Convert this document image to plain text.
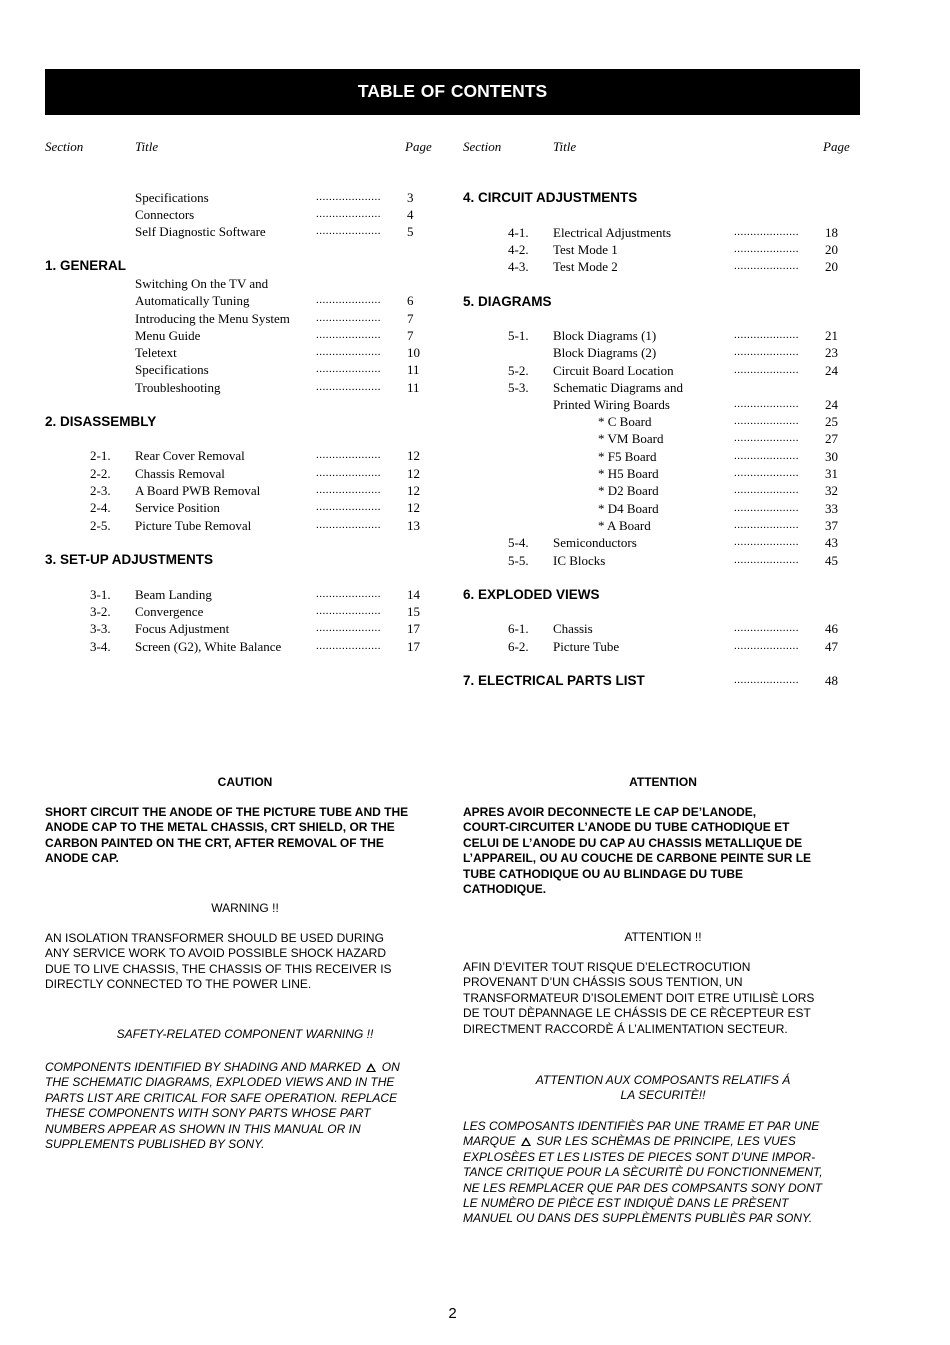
TABLE OF CONTENTS
Section	Title	Page
Specifications	....................	3
Connectors	....................	4
Self Diagnostic Software	....................	5
1. GENERAL
Switching On the TV and
Automatically Tuning	....................	6
Introducing the Menu System ....................	7
Menu Guide	....................	7
Teletext	....................	10
Specifications	....................	11
Troubleshooting	....................	11
2. DISASSEMBLY
2-1. Rear Cover Removal	....................	12
2-2. Chassis Removal	....................	12
2-3. A Board PWB Removal	....................	12
2-4. Service Position	....................	12
2-5. Picture Tube Removal	....................	13
3. SET-UP ADJUSTMENTS
3-1. Beam Landing	....................	14
3-2. Convergence	....................	15
3-3. Focus Adjustment	....................	17
3-4. Screen (G2), White Balance	....................	17
Section	Title	Page
4. CIRCUIT ADJUSTMENTS
4-1. Electrical Adjustments	....................	18
4-2. Test Mode 1	....................	20
4-3. Test Mode 2	....................	20
5. DIAGRAMS
5-1. Block Diagrams (1)	....................	21
Block Diagrams (2)	....................	23
5-2. Circuit Board Location	....................	24
5-3. Schematic Diagrams and
Printed Wiring Boards	....................	24
* C Board	....................	25
* VM Board	....................	27
* F5 Board	....................	30
* H5 Board	....................	31
* D2 Board	....................	32
* D4 Board	....................	33
* A Board	....................	37
5-4. Semiconductors	....................	43
5-5. IC Blocks	....................	45
6. EXPLODED VIEWS
6-1. Chassis	....................	46
6-2. Picture Tube	....................	47
7. ELECTRICAL PARTS LIST	....................	48
CAUTION
SHORT CIRCUIT THE ANODE OF THE PICTURE TUBE AND THE
ANODE CAP TO THE METAL CHASSIS, CRT SHIELD, OR THE
CARBON PAINTED ON THE CRT, AFTER REMOVAL OF THE
ANODE CAP.
WARNING !!
AN ISOLATION TRANSFORMER SHOULD BE USED DURING
ANY SERVICE WORK TO AVOID POSSIBLE SHOCK HAZARD
DUE TO LIVE CHASSIS, THE CHASSIS OF THIS RECEIVER IS
DIRECTLY CONNECTED TO THE POWER LINE.
SAFETY-RELATED COMPONENT WARNING !!
COMPONENTS IDENTIFIED BY SHADING AND MARKED ON
THE SCHEMATIC DIAGRAMS, EXPLODED VIEWS AND IN THE
PARTS LIST ARE CRITICAL FOR SAFE OPERATION. REPLACE
THESE COMPONENTS WITH SONY PARTS WHOSE PART
NUMBERS APPEAR AS SHOWN IN THIS MANUAL OR IN
SUPPLEMENTS PUBLISHED BY SONY.
ATTENTION
APRES AVOIR DECONNECTE LE CAP DE’LANODE,
COURT-CIRCUITER L’ANODE DU TUBE CATHODIQUE ET
CELUI DE L’ANODE DU CAP AU CHASSIS METALLIQUE DE
L’APPAREIL, OU AU COUCHE DE CARBONE PEINTE SUR LE
TUBE CATHODIQUE OU AU BLINDAGE DU TUBE
CATHODIQUE.
ATTENTION !!
AFIN D’EVITER TOUT RISQUE D’ELECTROCUTION
PROVENANT D’UN CHÁSSIS SOUS TENTION, UN
TRANSFORMATEUR D’ISOLEMENT DOIT ETRE UTILISÈ LORS
DE TOUT DÈPANNAGE LE CHÁSSIS DE CE RÈCEPTEUR EST
DIRECTMENT RACCORDÈ Á L’ALIMENTATION SECTEUR.
ATTENTION AUX COMPOSANTS RELATIFS Á
LA SECURITÈ!!
LES COMPOSANTS IDENTIFIÈS PAR UNE TRAME ET PAR UNE
MARQUE SUR LES SCHÈMAS DE PRINCIPE, LES VUES
EXPLOSÈES ET LES LISTES DE PIECES SONT D’UNE IMPOR-
TANCE CRITIQUE POUR LA SÈCURITÈ DU FONCTIONNEMENT,
NE LES REMPLACER QUE PAR DES COMPSANTS SONY DONT
LE NUMÈRO DE PIÈCE EST INDIQUÈ DANS LE PRÈSENT
MANUEL OU DANS DES SUPPLÈMENTS PUBLIÈS PAR SONY.
2
